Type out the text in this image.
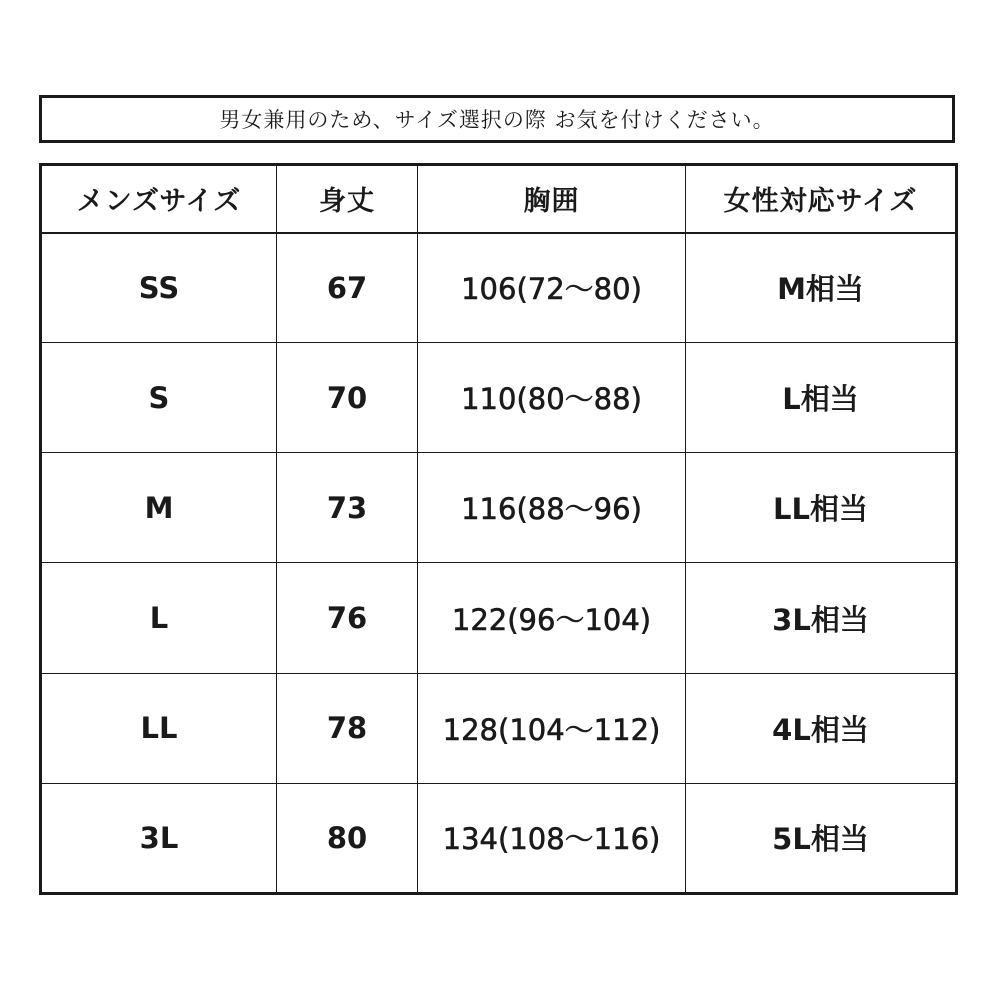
男女兼用のため、サイズ選択の際 お気を付けください。
メンズサイズ	身丈	胸囲	女性対応サイズ
SS	67	106(72〜80)	M相当
S	70	110(80〜88)	L相当
M	73	116(88〜96)	LL相当
L	76	122(96〜104)	3L相当
LL	78	128(104〜112)	4L相当
3L	80	134(108〜116)	5L相当
